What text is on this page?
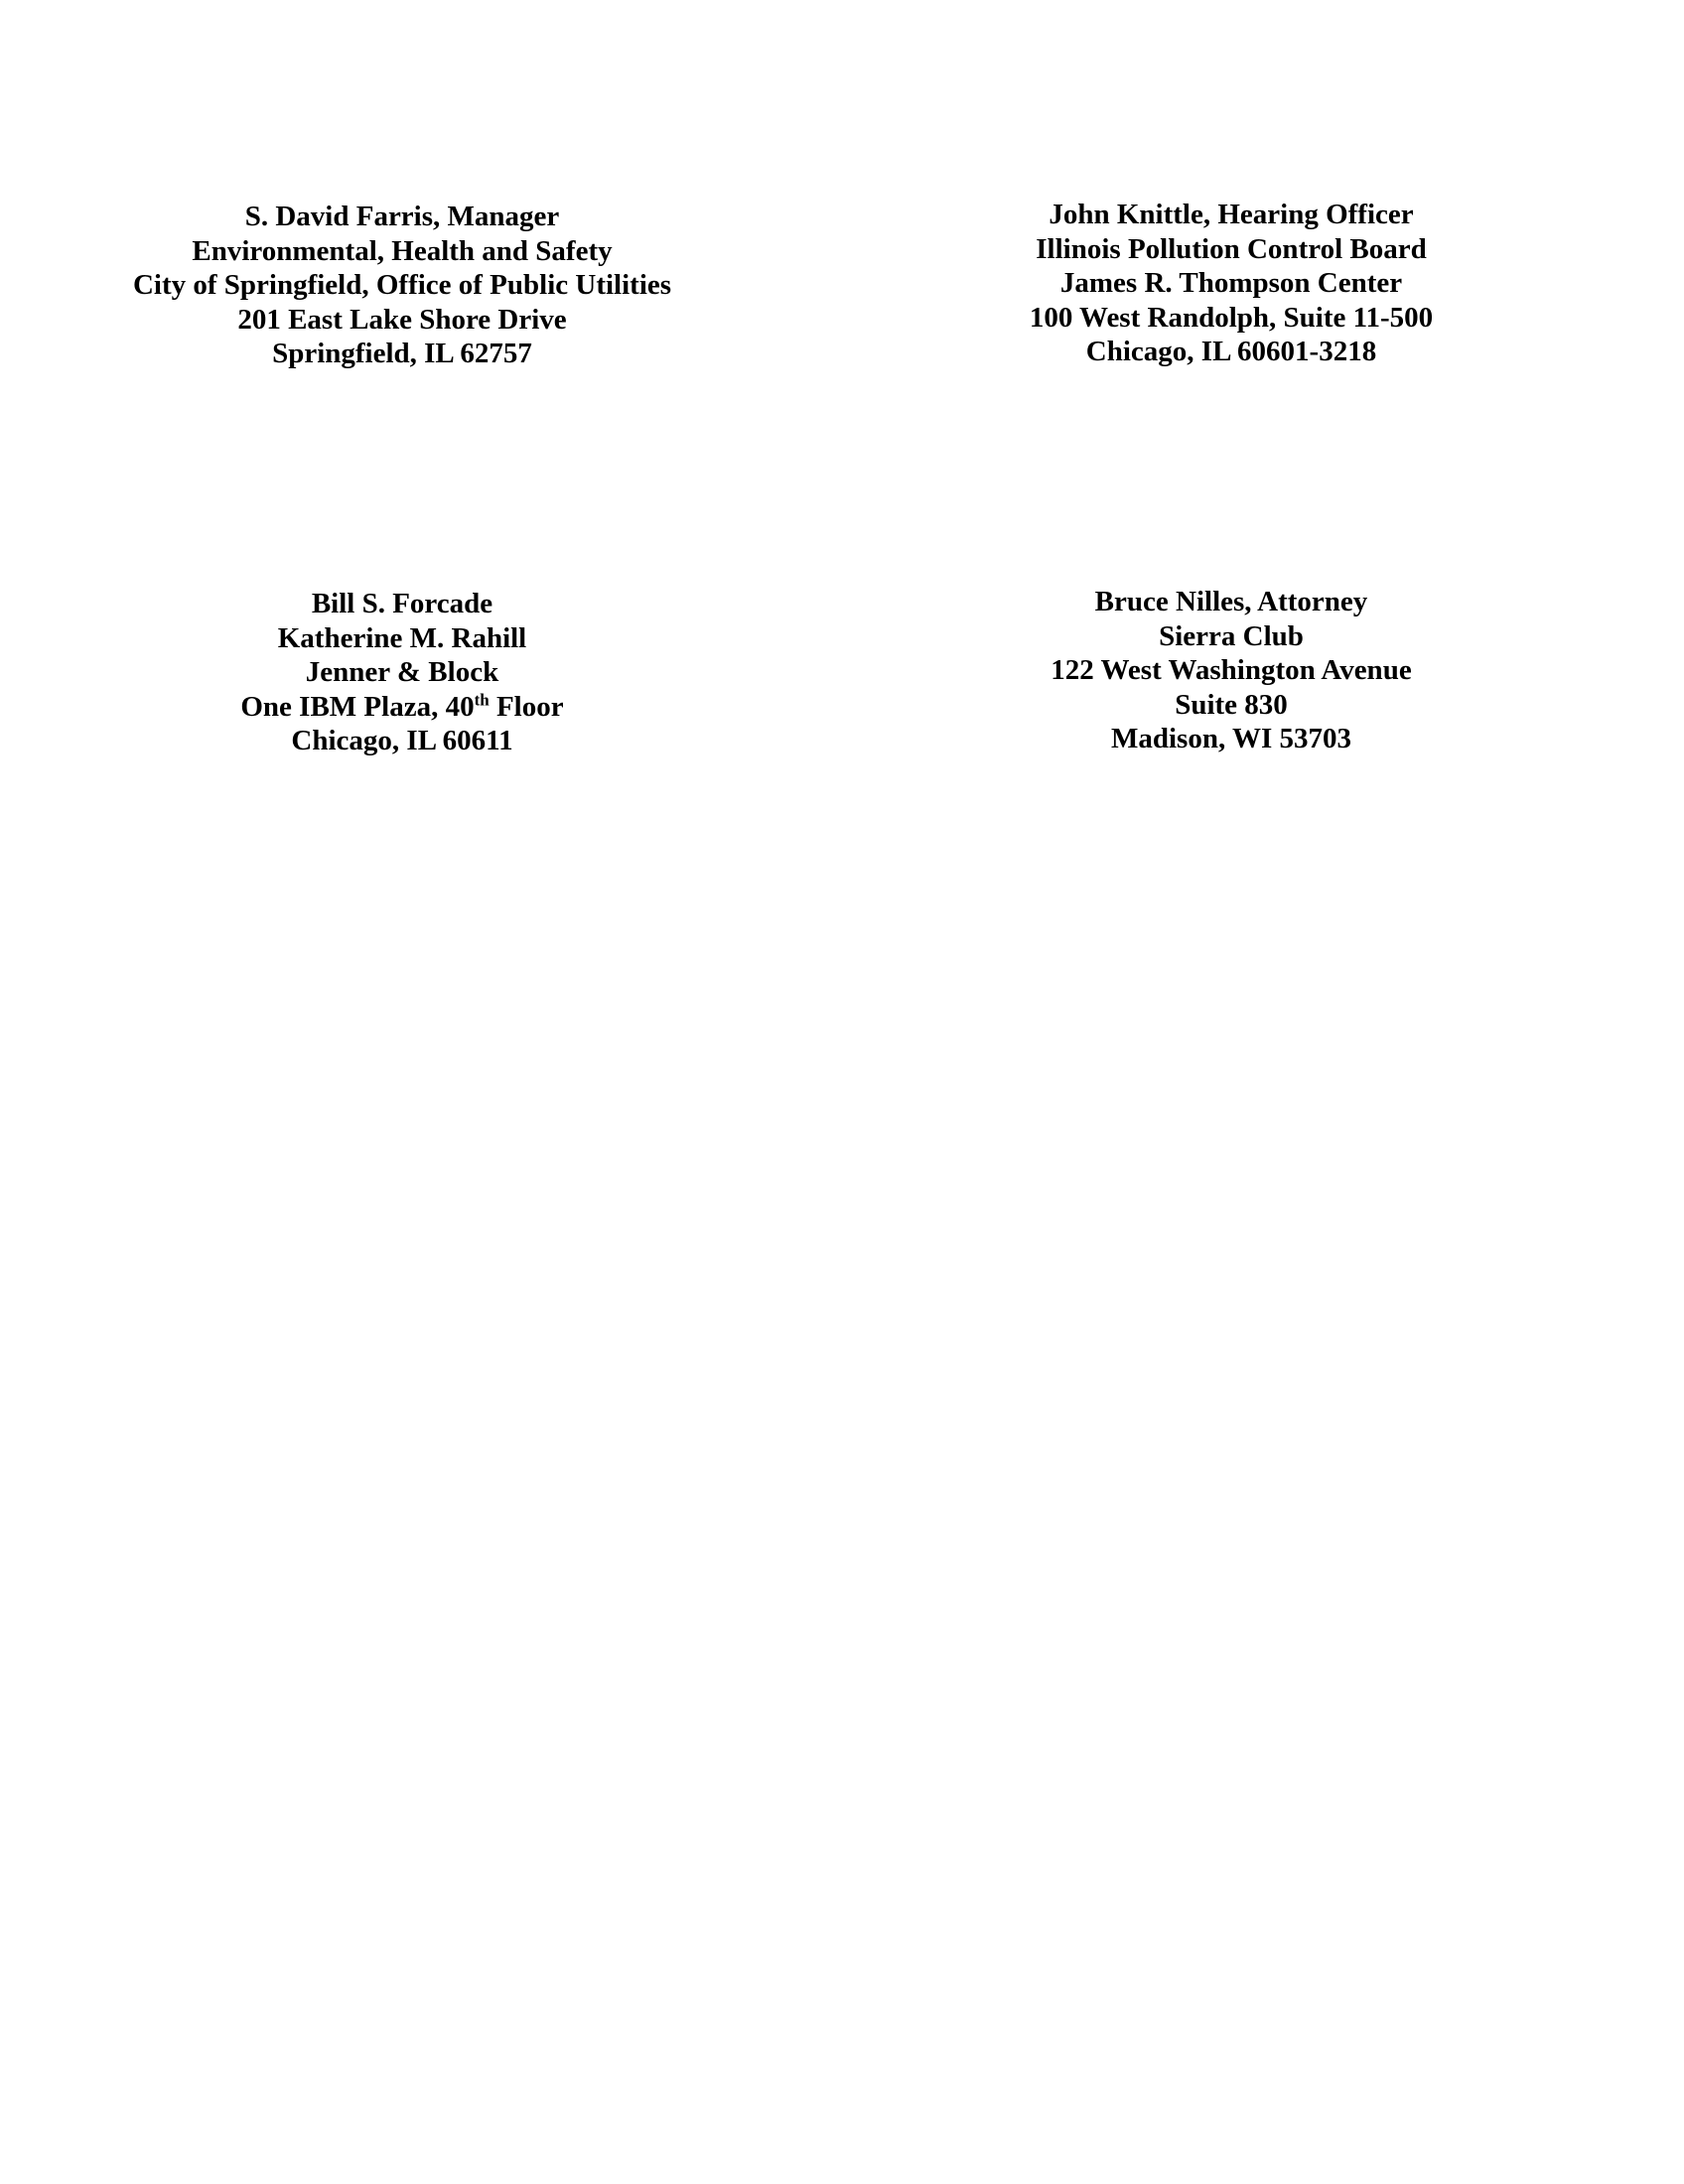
S. David Farris, Manager
Environmental, Health and Safety
City of Springfield, Office of Public Utilities
201 East Lake Shore Drive
Springfield, IL 62757
John Knittle, Hearing Officer
Illinois Pollution Control Board
James R. Thompson Center
100 West Randolph, Suite 11-500
Chicago, IL 60601-3218
Bill S. Forcade
Katherine M. Rahill
Jenner & Block
One IBM Plaza, 40th Floor
Chicago, IL 60611
Bruce Nilles, Attorney
Sierra Club
122 West Washington Avenue
Suite 830
Madison, WI 53703
